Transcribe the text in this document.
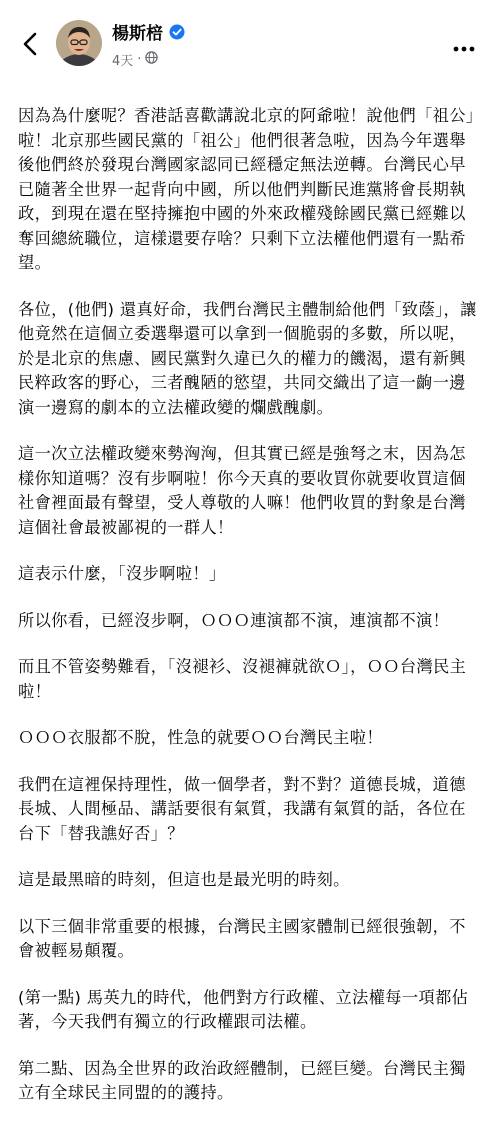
楊斯棓
4天 ·

因為為什麼呢？香港話喜歡講說北京的阿爺啦！說他們「祖公」啦！北京那些國民黨的「祖公」他們很著急啦，因為今年選舉後他們終於發現台灣國家認同已經穩定無法逆轉。台灣民心早已隨著全世界一起背向中國，所以他們判斷民進黨將會長期執政，到現在還在堅持擁抱中國的外來政權殘餘國民黨已經難以奪回總統職位，這樣還要存啥？只剩下立法權他們還有一點希望。

各位，(他們) 還真好命，我們台灣民主體制給他們「致蔭」，讓他竟然在這個立委選舉還可以拿到一個脆弱的多數，所以呢，於是北京的焦慮、國民黨對久違已久的權力的饑渴，還有新興民粹政客的野心，三者醜陋的慾望，共同交織出了這一齣一邊演一邊寫的劇本的立法權政變的爛戲醜劇。

這一次立法權政變來勢洶洶，但其實已經是強弩之末，因為怎樣你知道嗎？沒有步啊啦！你今天真的要收買你就要收買這個社會裡面最有聲望，受人尊敬的人嘛！他們收買的對象是台灣這個社會最被鄙視的一群人！

這表示什麼，「沒步啊啦！」

所以你看，已經沒步啊，ＯＯＯ連演都不演，連演都不演！

而且不管姿勢難看，「沒褪衫、沒褪褲就欲Ｏ」，ＯＯ台灣民主啦！

ＯＯＯ衣服都不脫，性急的就要ＯＯ台灣民主啦！

我們在這裡保持理性，做一個學者，對不對？道德長城，道德長城、人間極品、講話要很有氣質，我講有氣質的話，各位在台下「替我譙好否」？

這是最黑暗的時刻，但這也是最光明的時刻。

以下三個非常重要的根據，台灣民主國家體制已經很強韌，不會被輕易顛覆。

(第一點) 馬英九的時代，他們對方行政權、立法權每一項都佔著，今天我們有獨立的行政權跟司法權。

第二點、因為全世界的政治政經體制，已經巨變。台灣民主獨立有全球民主同盟的的護持。
